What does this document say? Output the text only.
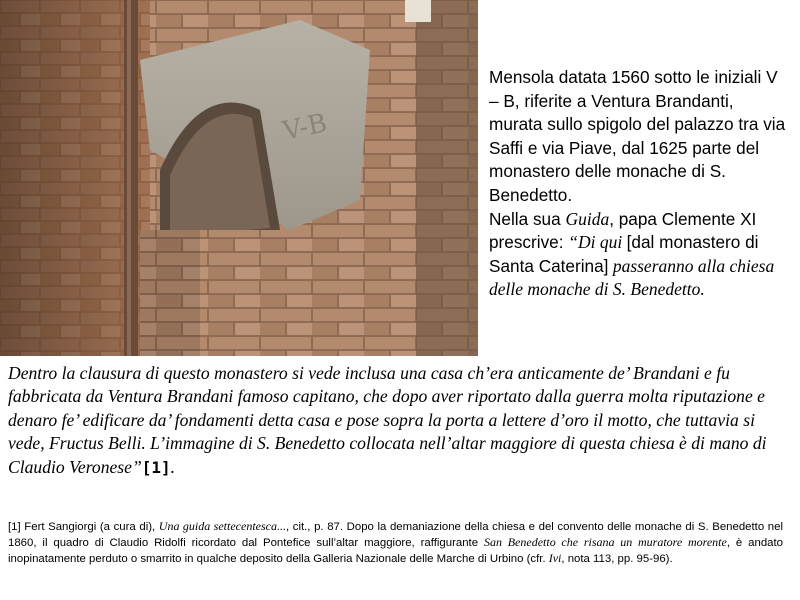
V-B
Mensola datata 1560 sotto le iniziali V – B, riferite a Ventura Brandanti, murata sullo spigolo del palazzo tra via Saffi e via Piave, dal 1625 parte del monastero delle monache di S. Benedetto.
Nella sua Guida, papa Clemente XI prescrive: “Di qui [dal monastero di Santa Caterina] passeranno alla chiesa delle monache di S. Benedetto.
Dentro la clausura di questo monastero si vede inclusa una casa ch’era anticamente de’ Brandani e fu fabbricata da Ventura Brandani famoso capitano, che dopo aver riportato dalla guerra molta riputazione e denaro fe’ edificare da’ fondamenti detta casa e pose sopra la porta a lettere d’oro il motto, che tuttavia si vede, Fructus Belli. L’immagine di S. Benedetto collocata nell’altar maggiore di questa chiesa è di mano di Claudio Veronese”[1].
[1] Fert Sangiorgi (a cura di), Una guida settecentesca..., cit., p. 87. Dopo la demaniazione della chiesa e del convento delle monache di S. Benedetto nel 1860, il quadro di Claudio Ridolfi ricordato dal Pontefice sull’altar maggiore, raffigurante San Benedetto che risana un muratore morente, è andato inopinatamente perduto o smarrito in qualche deposito della Galleria Nazionale delle Marche di Urbino (cfr. Ivi, nota 113, pp. 95-96).
